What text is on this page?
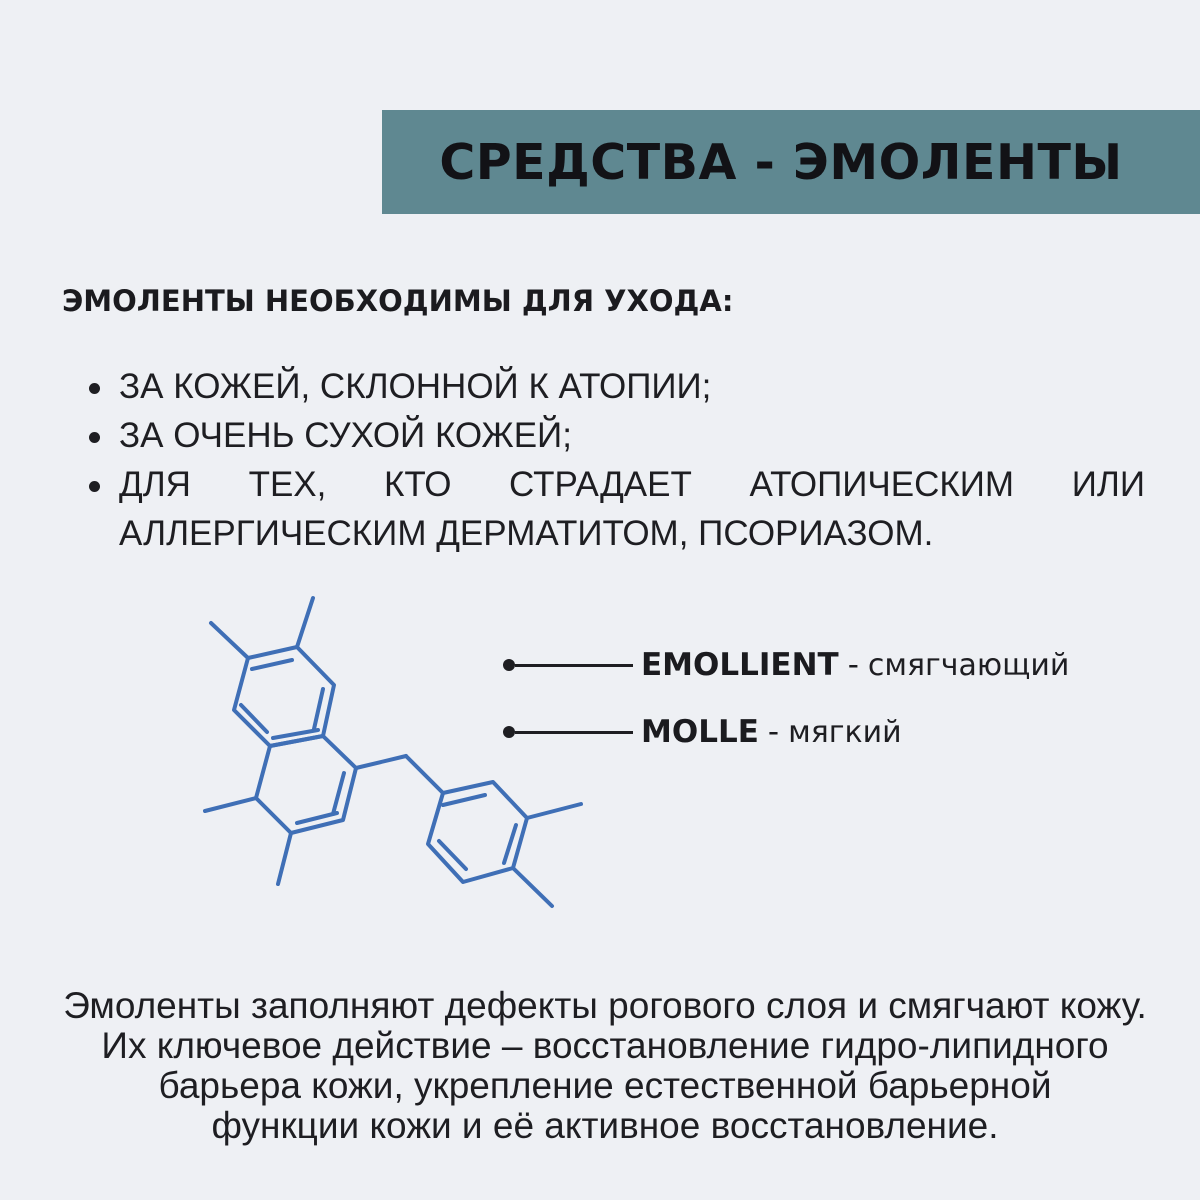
СРЕДСТВА - ЭМОЛЕНТЫ
ЭМОЛЕНТЫ НЕОБХОДИМЫ ДЛЯ УХОДА:
ЗА КОЖЕЙ, СКЛОННОЙ К АТОПИИ;
ЗА ОЧЕНЬ СУХОЙ КОЖЕЙ;
ДЛЯ ТЕХ, КТО СТРАДАЕТ АТОПИЧЕСКИМ ИЛИ АЛЛЕРГИЧЕСКИМ ДЕРМАТИТОМ, ПСОРИАЗОМ.
EMOLLIENT - смягчающий
MOLLE - мягкий
Эмоленты заполняют дефекты рогового слоя и смягчают кожу.
Их ключевое действие – восстановление гидро-липидного
барьера кожи, укрепление естественной барьерной
функции кожи и её активное восстановление.
